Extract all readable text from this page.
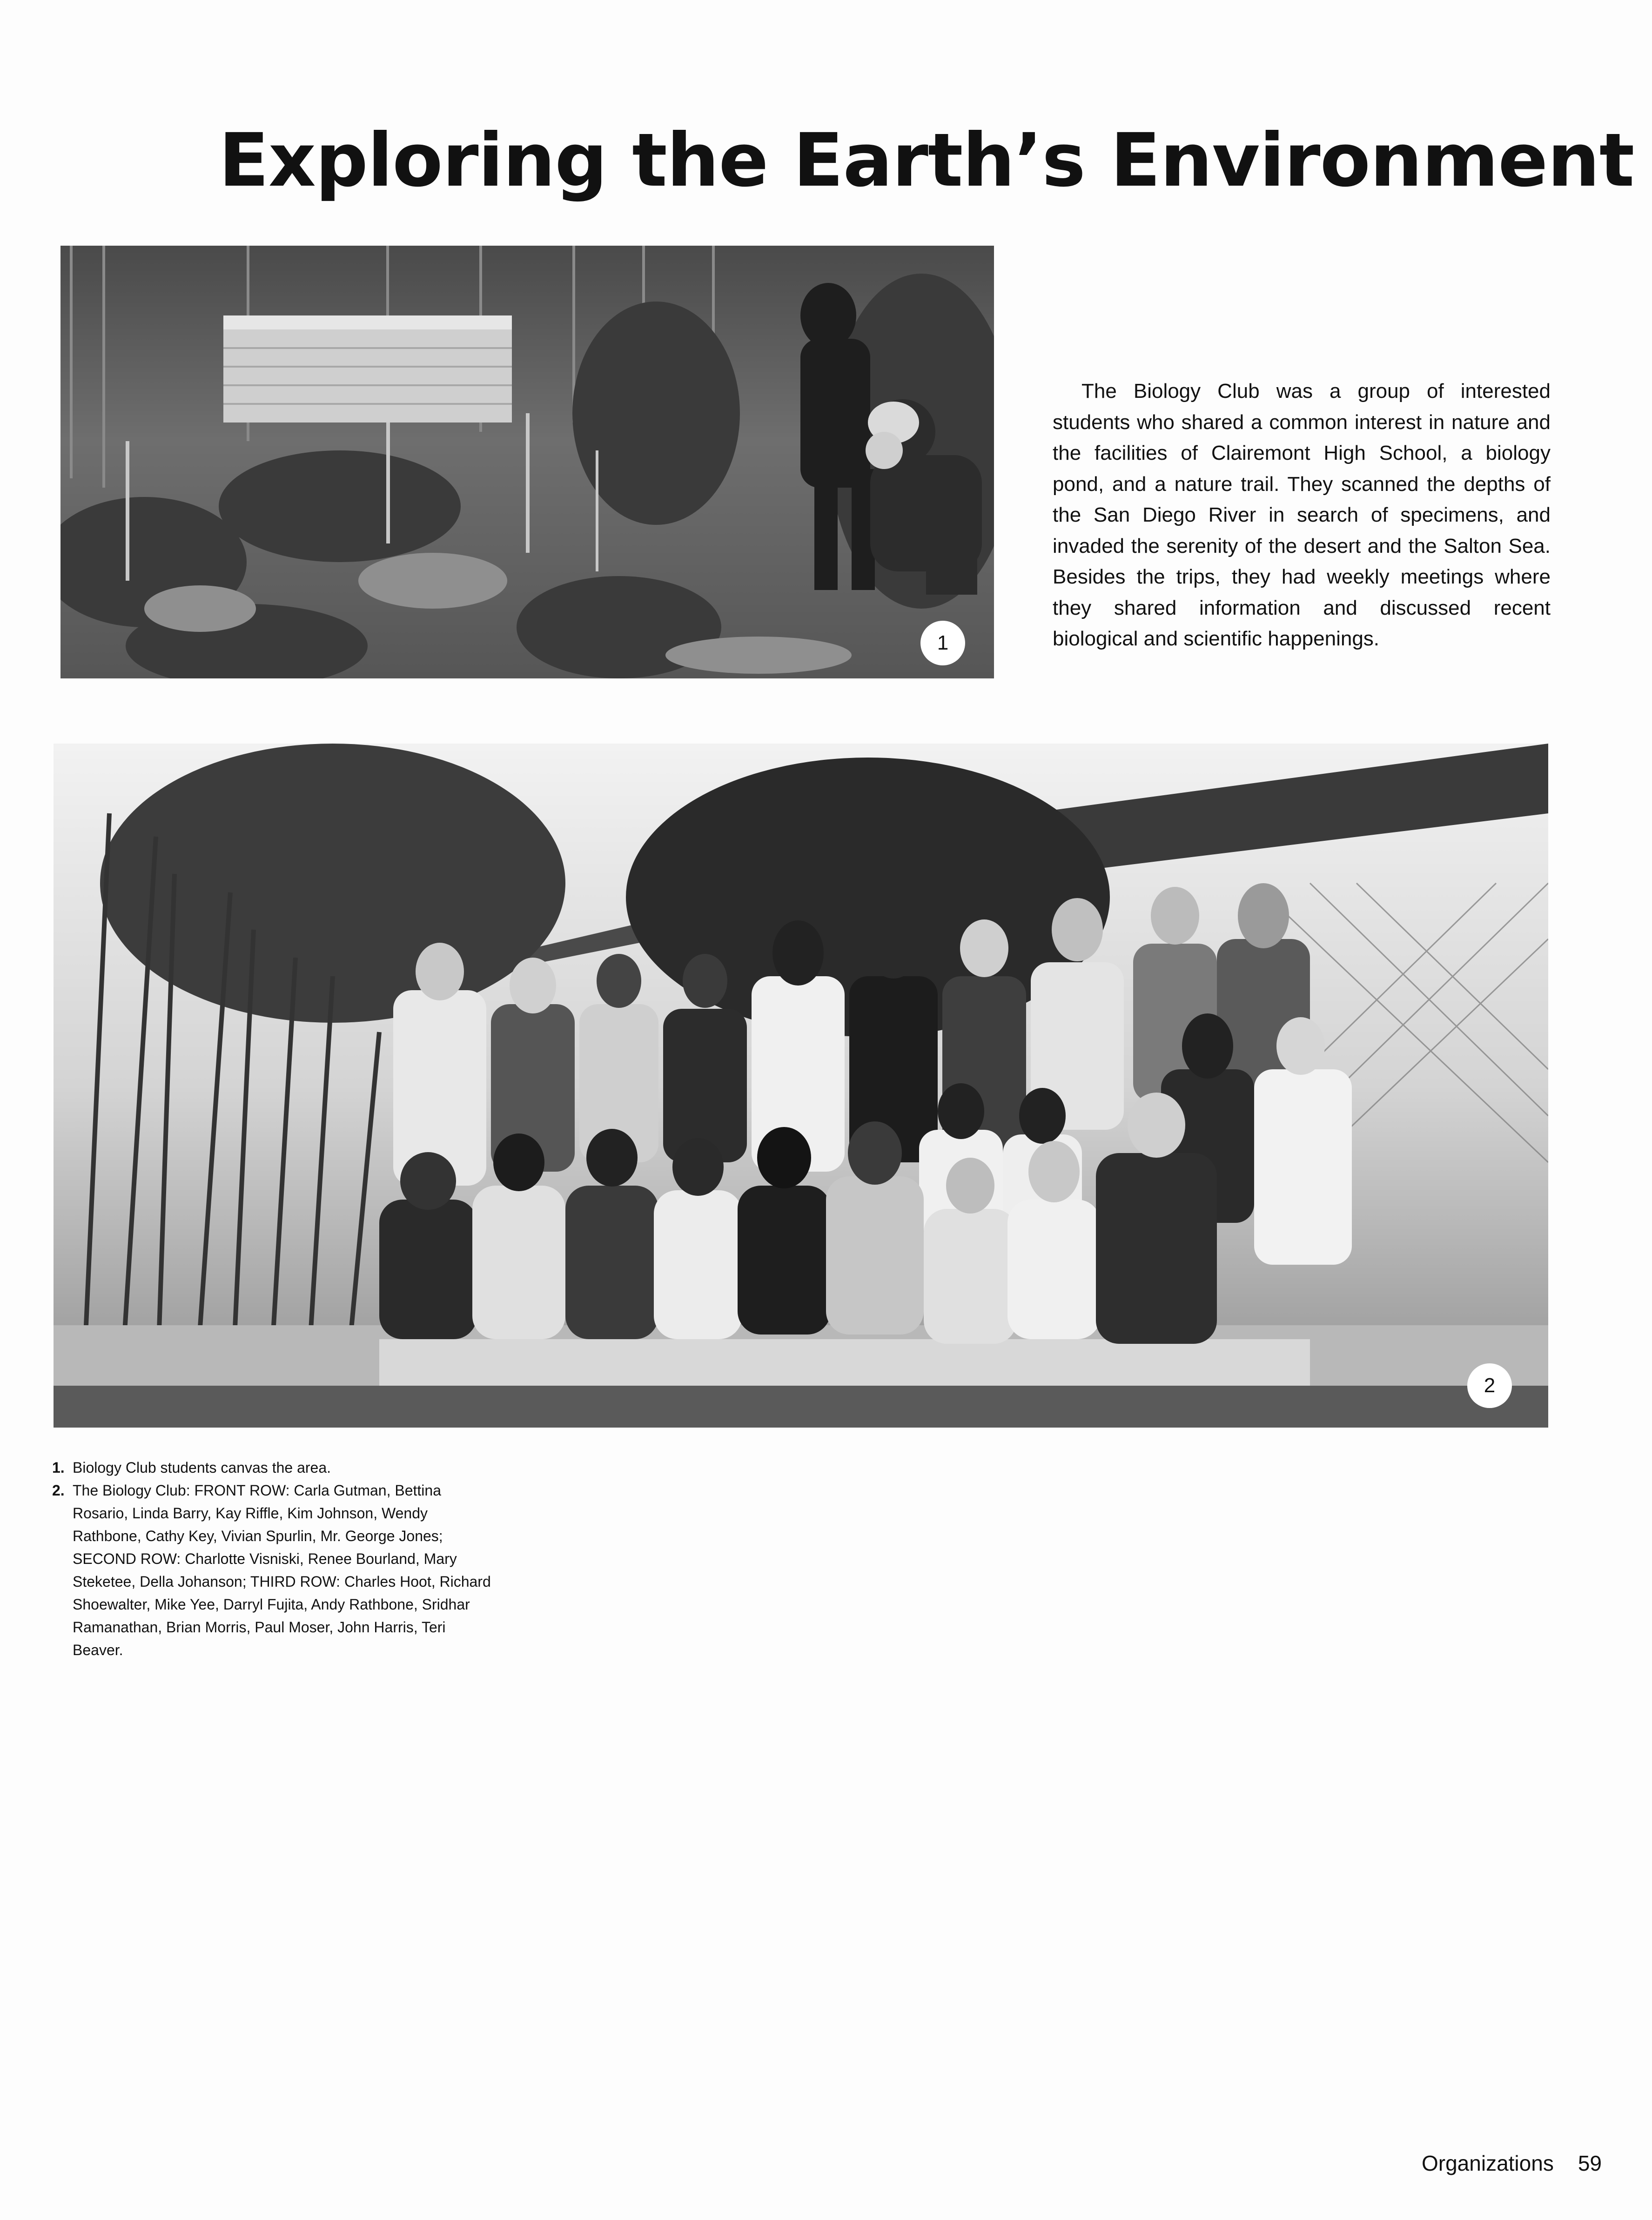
Exploring the Earth’s Environment
1
The Biology Club was a group of interested students who shared a common interest in nature and the facilities of Clairemont High School, a biology pond, and a nature trail. They scanned the depths of the San Diego River in search of specimens, and invaded the serenity of the desert and the Salton Sea. Besides the trips, they had weekly meetings where they shared information and discussed recent biological and scientific happenings.
2
1. Biology Club students canvas the area.
2. The Biology Club: FRONT ROW: Carla Gutman, Bettina Rosario, Linda Barry, Kay Riffle, Kim Johnson, Wendy Rathbone, Cathy Key, Vivian Spurlin, Mr. George Jones; SECOND ROW: Charlotte Visniski, Renee Bourland, Mary Steketee, Della Johanson; THIRD ROW: Charles Hoot, Richard Shoewalter, Mike Yee, Darryl Fujita, Andy Rathbone, Sridhar Ramanathan, Brian Morris, Paul Moser, John Harris, Teri Beaver.
Organizations 59
